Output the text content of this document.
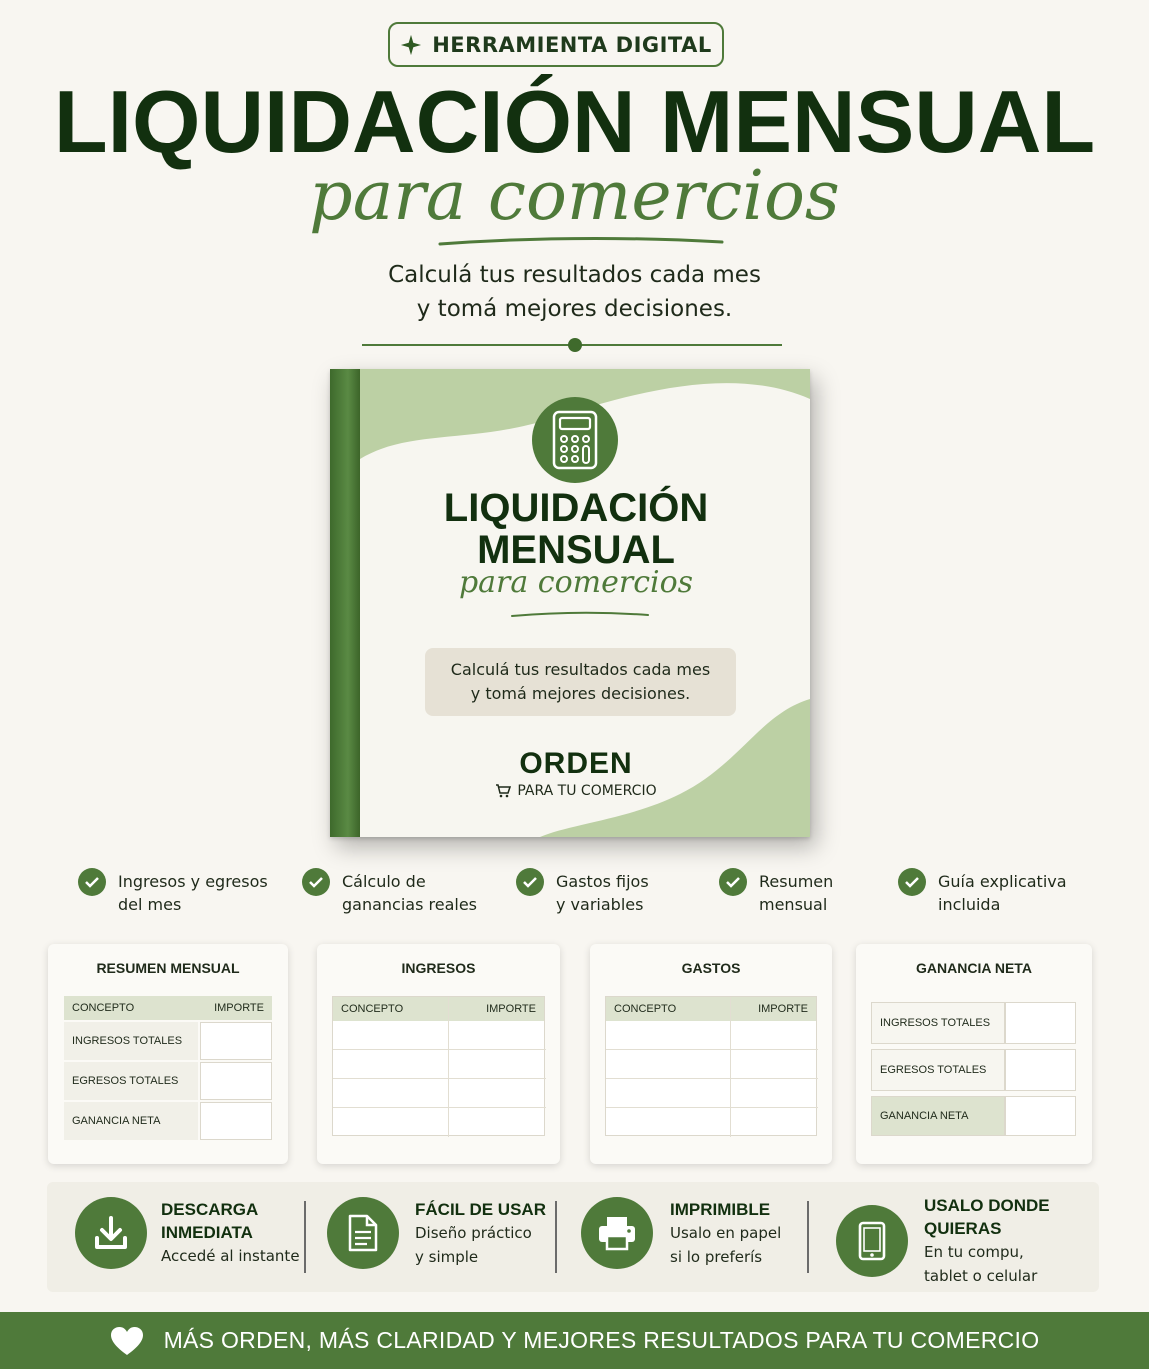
HERRAMIENTA DIGITAL
LIQUIDACIÓN MENSUAL
para comercios
Calculá tus resultados cada mes
y tomá mejores decisiones.
LIQUIDACIÓN
MENSUAL
para comercios
Calculá tus resultados cada mes
y tomá mejores decisiones.
ORDEN
PARA TU COMERCIO
Ingresos y egresos
del mes
Cálculo de
ganancias reales
Gastos fijos
y variables
Resumen
mensual
Guía explicativa
incluida
RESUMEN MENSUAL
CONCEPTO	IMPORTE
INGRESOS TOTALES
EGRESOS TOTALES
GANANCIA NETA
INGRESOS
CONCEPTO	IMPORTE
GASTOS
CONCEPTO	IMPORTE
GANANCIA NETA
INGRESOS TOTALES
EGRESOS TOTALES
GANANCIA NETA
DESCARGA
INMEDIATA
Accedé al instante
FÁCIL DE USAR
Diseño práctico
y simple
IMPRIMIBLE
Usalo en papel
si lo preferís
USALO DONDE
QUIERAS
En tu compu,
tablet o celular
MÁS ORDEN, MÁS CLARIDAD Y MEJORES RESULTADOS PARA TU COMERCIO
